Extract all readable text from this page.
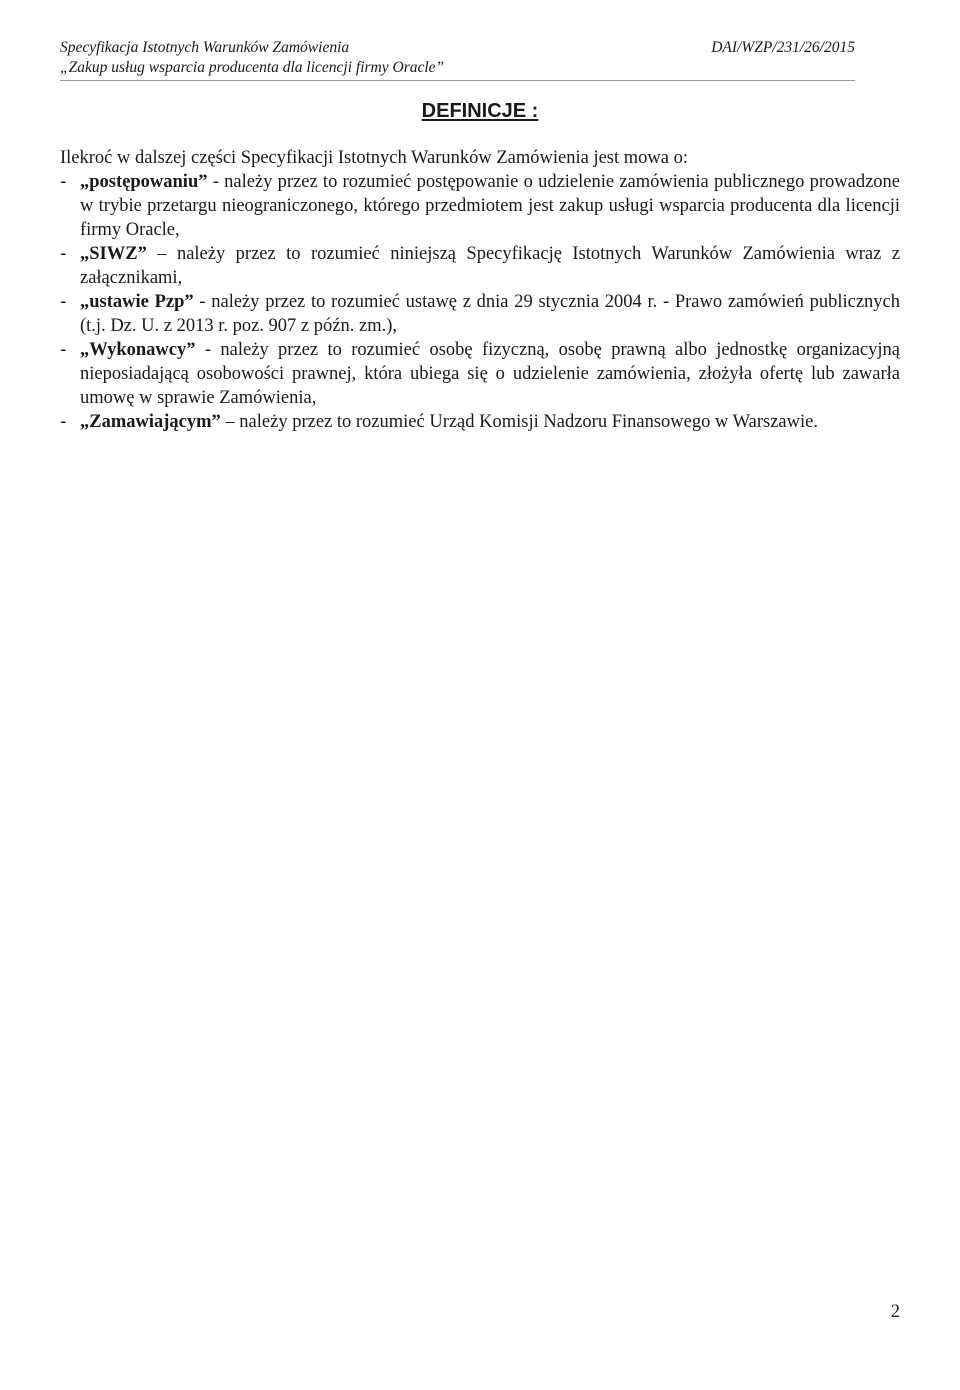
Specyfikacja Istotnych Warunków Zamówienia	DAI/WZP/231/26/2015
„Zakup usług wsparcia producenta dla licencji firmy Oracle”
DEFINICJE :

Ilekroć w dalszej części Specyfikacji Istotnych Warunków Zamówienia jest mowa o:

- „postępowaniu” - należy przez to rozumieć postępowanie o udzielenie zamówienia publicznego prowadzone w trybie przetargu nieograniczonego, którego przedmiotem jest zakup usługi wsparcia producenta dla licencji firmy Oracle,

- „SIWZ” – należy przez to rozumieć niniejszą Specyfikację Istotnych Warunków Zamówienia wraz z załącznikami,

- „ustawie Pzp” - należy przez to rozumieć ustawę z dnia 29 stycznia 2004 r. - Prawo zamówień publicznych (t.j. Dz. U. z 2013 r. poz. 907 z późn. zm.),

- „Wykonawcy” - należy przez to rozumieć osobę fizyczną, osobę prawną albo jednostkę organizacyjną nieposiadającą osobowości prawnej, która ubiega się o udzielenie zamówienia, złożyła ofertę lub zawarła umowę w sprawie Zamówienia,

- „Zamawiającym” – należy przez to rozumieć Urząd Komisji Nadzoru Finansowego w Warszawie.

2
